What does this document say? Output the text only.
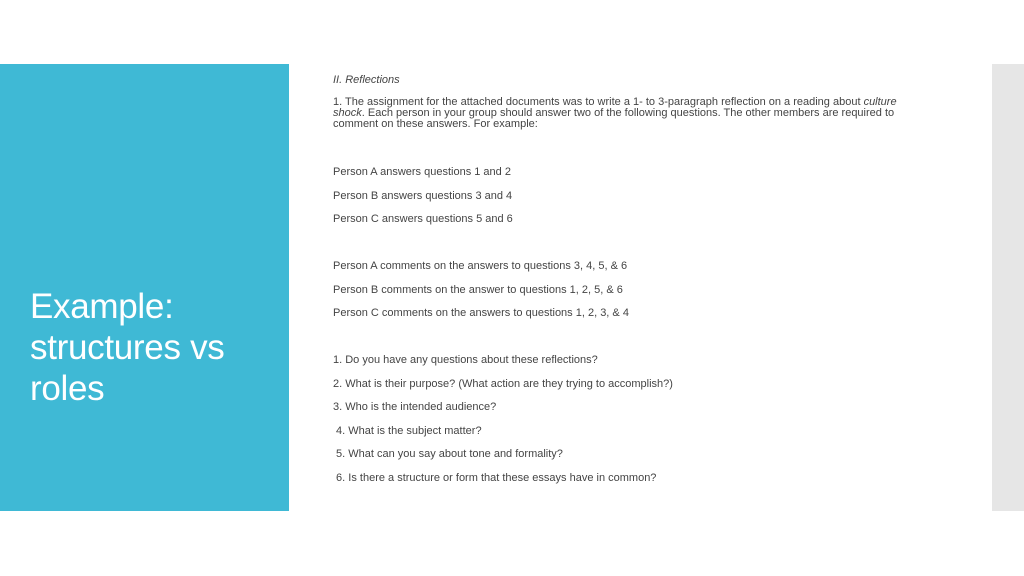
Example:
structures vs
roles
II. Reflections
1. The assignment for the attached documents was to write a 1- to 3-paragraph reflection on a reading about culture shock. Each person in your group should answer two of the following questions. The other members are required to comment on these answers. For example:
Person A answers questions 1 and 2
Person B answers questions 3 and 4
Person C answers questions 5 and 6
Person A comments on the answers to questions 3, 4, 5, & 6
Person B comments on the answer to questions 1, 2, 5, & 6
Person C comments on the answers to questions 1, 2, 3, & 4
1. Do you have any questions about these reflections?
2. What is their purpose? (What action are they trying to accomplish?)
3. Who is the intended audience?
4. What is the subject matter?
5. What can you say about tone and formality?
6. Is there a structure or form that these essays have in common?
